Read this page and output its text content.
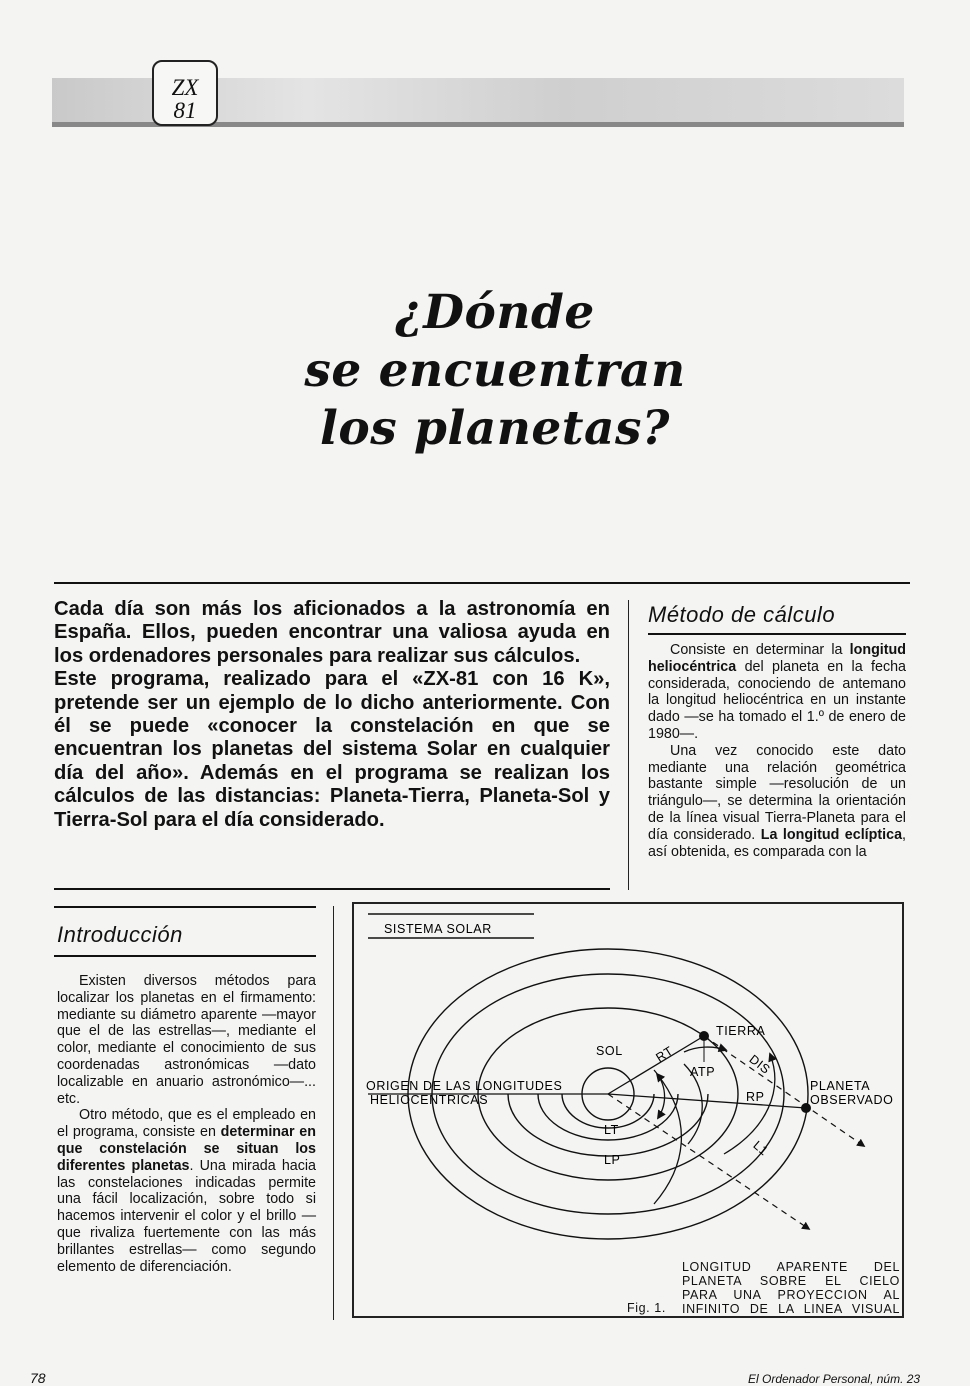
ZX
81
¿Dónde
se encuentran
los planetas?

Cada día son más los aficionados a la astronomía en España. Ellos, pueden encontrar una valiosa ayuda en los ordenadores personales para realizar sus cálculos.

Este programa, realizado para el «ZX-81 con 16 K», pretende ser un ejemplo de lo dicho anteriormente. Con él se puede «conocer la constelación en que se encuentran los planetas del sistema Solar en cualquier día del año». Además en el programa se realizan los cálculos de las distancias: Planeta-Tierra, Planeta-Sol y Tierra-Sol para el día considerado.

Método de cálculo

Consiste en determinar la longitud heliocéntrica del planeta en la fecha considerada, conociendo de antemano la longitud heliocéntrica en un instante dado —se ha tomado el 1.º de enero de 1980—.

Una vez conocido este dato mediante una relación geométrica bastante simple —resolución de un triángulo—, se determina la orientación de la línea visual Tierra-Planeta para el día considerado. La longitud eclíptica, así obtenida, es comparada con la

Introducción

Existen diversos métodos para localizar los planetas en el firmamento: mediante su diámetro aparente —mayor que el de las estrellas—, mediante el color, mediante el conocimiento de sus coordenadas astronómicas —dato localizable en anuario astronómico—... etc.

Otro método, que es el empleado en el programa, consiste en determinar en que constelación se situan los diferentes planetas. Una mirada hacia las constelaciones indicadas permite una fácil localización, sobre todo si hacemos intervenir el color y el brillo —que rivaliza fuertemente con las más brillantes estrellas— como segundo elemento de diferenciación.

SISTEMA SOLAR
SOL
TIERRA
RT
ATP	DIS
RP
LT
LP
L1
ORIGEN DE LAS LONGITUDES
HELIOCENTRICAS
PLANETA
OBSERVADO
LONGITUD APARENTE DEL
PLANETA SOBRE EL CIELO
PARA UNA PROYECCION AL
INFINITO DE LA LINEA VISUAL
Fig. 1.
78	El Ordenador Personal, núm. 23
